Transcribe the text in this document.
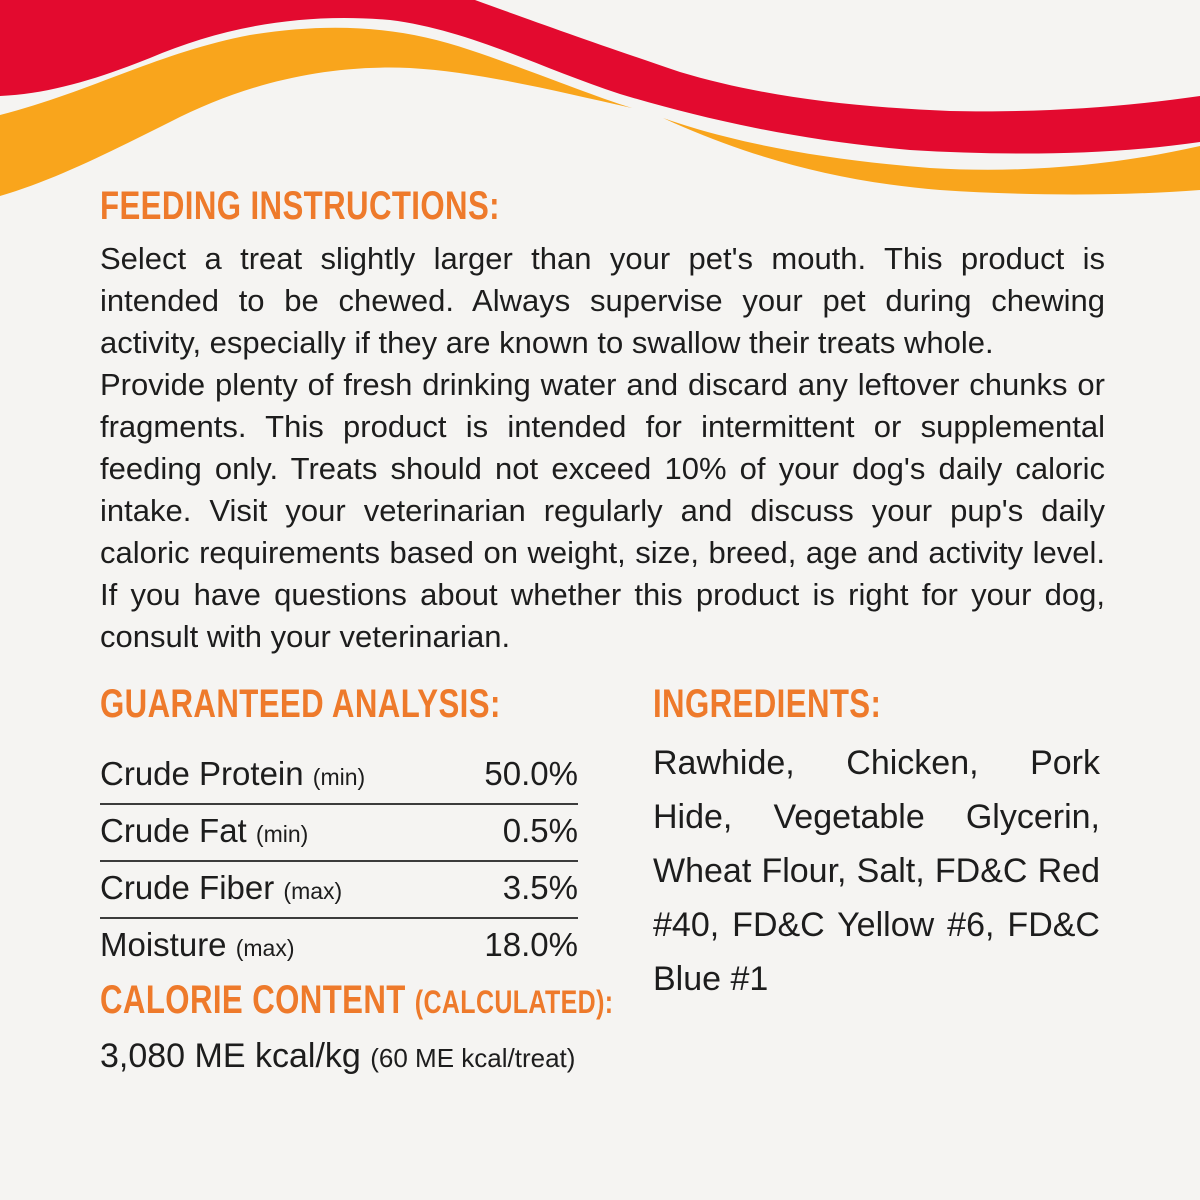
FEEDING INSTRUCTIONS:

Select a treat slightly larger than your pet's mouth. This product is intended to be chewed. Always supervise your pet during chewing activity, especially if they are known to swallow their treats whole.

Provide plenty of fresh drinking water and discard any leftover chunks or fragments. This product is intended for intermittent or supplemental feeding only. Treats should not exceed 10% of your dog's daily caloric intake. Visit your veterinarian regularly and discuss your pup's daily caloric requirements based on weight, size, breed, age and activity level. If you have questions about whether this product is right for your dog, consult with your veterinarian.

GUARANTEED ANALYSIS:
Crude Protein (min)	50.0%
Crude Fat (min)	0.5%
Crude Fiber (max)	3.5%
Moisture (max)	18.0%
CALORIE CONTENT (CALCULATED):
3,080 ME kcal/kg (60 ME kcal/treat)
INGREDIENTS:

Rawhide, Chicken, Pork Hide, Vegetable Glycerin, Wheat Flour, Salt, FD&C Red #40, FD&C Yellow #6, FD&C Blue #1
